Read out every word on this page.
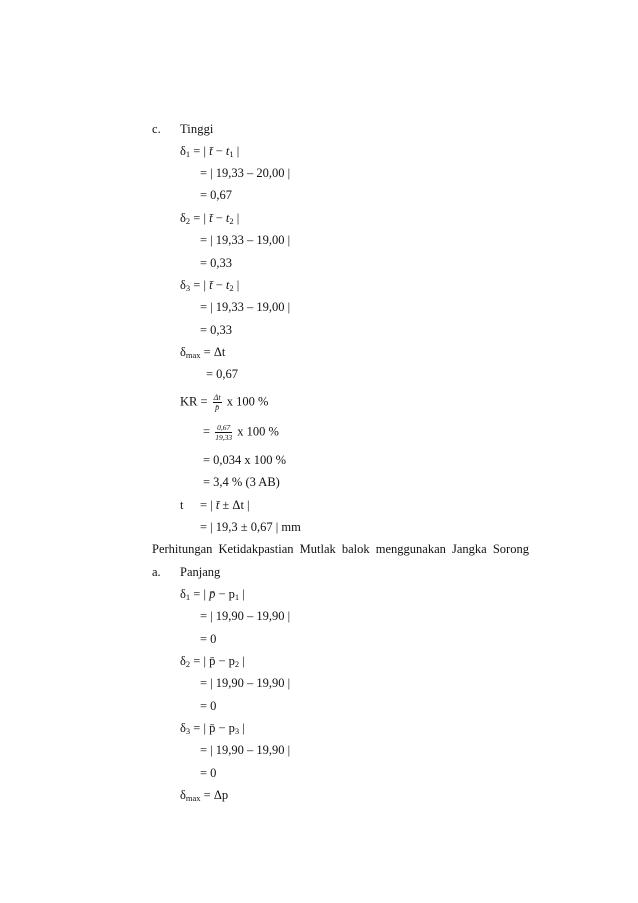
c. Tinggi
$\delta_1$ = | t̄ − $t_1$ |
= | 19,33 – 20,00 |
= 0,67
$\delta_2$ = | t̄ − $t_2$ |
= | 19,33 – 19,00 |
= 0,33
$\delta_3$ = | t̄ − $t_2$ |
= | 19,33 – 19,00 |
= 0,33
$\delta_{max} = \Delta t$
= 0,67
KR = $\frac{\Delta t}{p̄}$ x 100 %
= $\frac{0,67}{19,33}$ x 100 %
= 0,034 x 100 %
= 3,4 % (3 AB)
t = | t̄ ± Δt |
= | 19,3 ± 0,67 | mm
Perhitungan Ketidakpastian Mutlak balok menggunakan Jangka Sorong
a. Panjang
$\delta_1$ = | p̄ − $p_1$ |
= | 19,90 – 19,90 |
= 0
$\delta_2$ = | p̄ − $p_2$ |
= | 19,90 – 19,90 |
= 0
$\delta_3$ = | p̄ − $p_3$ |
= | 19,90 – 19,90 |
= 0
$\delta_{max} = \Delta p$
